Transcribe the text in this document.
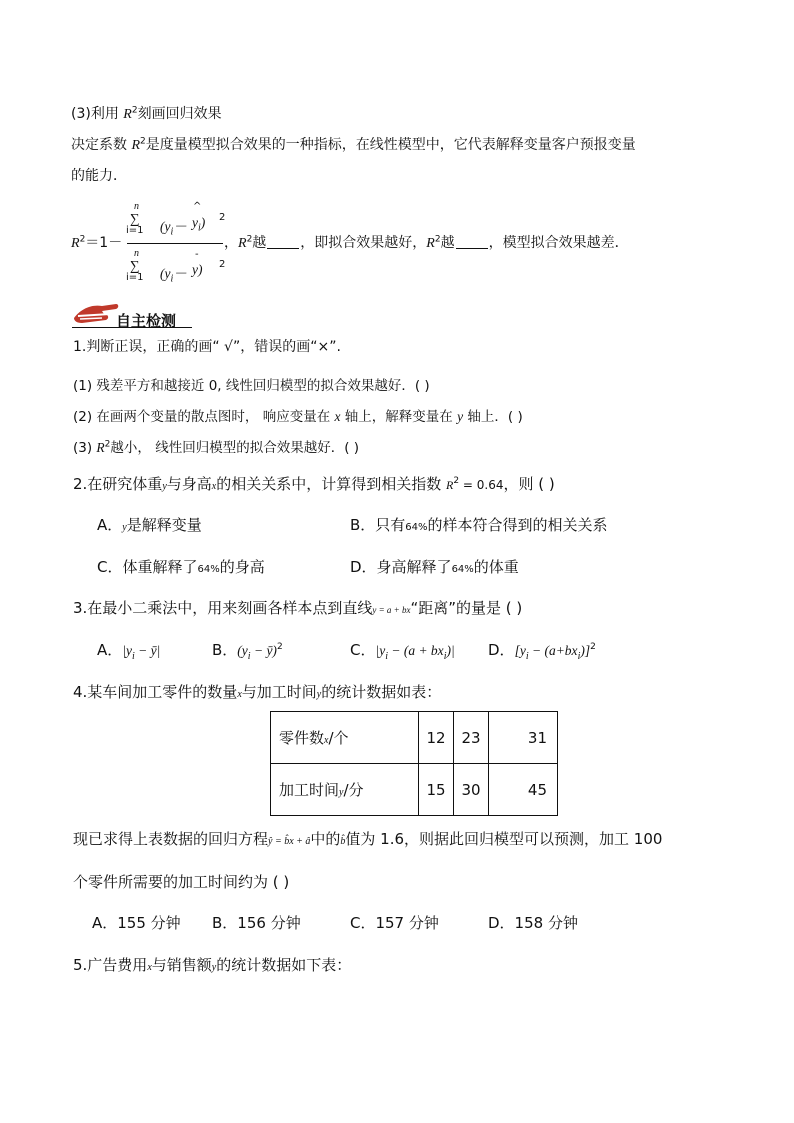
(3)利用 $R^2$刻画回归效果
决定系数 $R^2$是度量模型拟合效果的一种指标，在线性模型中，它代表解释变量客户预报变量
的能力．
$R^2=1-$
n
∑
i=1 ($y_i-$
^
$y_i$) 2
n
∑
i=1 ($y_i-$
-
y) 2
，$R^2$越 ，即拟合效果越好，$R^2$越 ，模型拟合效果越差．
自主检测
1.判断正误，正确的画“ √”，错误的画“×”.
(1) 残差平方和越接近 0, 线性回归模型的拟合效果越好．( )
(2) 在画两个变量的散点图时， 响应变量在 x 轴上，解释变量在 y 轴上．( )
(3) $R^2$越小， 线性回归模型的拟合效果越好．( )
2.在研究体重y与身高x的相关关系中，计算得到相关指数 $R^2 = 0.64$，则 ( )
A．y是解释变量	B．只有64%的样本符合得到的相关关系
C．体重解释了64%的身高	D．身高解释了64%的体重
3.在最小二乘法中，用来刻画各样本点到直线y = a + bx“距离”的量是 ( )
A．$|y_i$ − ȳ|	B．($y_i$ − ȳ)$^2$	C．$|y_i - (a + bx_i)|$ D．$[y_i - (a+bx_i)]^2$
4.某车间加工零件的数量x与加工时间y的统计数据如表：
零件数x/个	12	23	31
加工时间y/分	15	30	45
现已求得上表数据的回归方程ŷ = b̂x + â中的b̂值为 1.6，则据此回归模型可以预测，加工 100
个零件所需要的加工时间约为 ( )
A．155 分钟 B．156 分钟	C．157 分钟	D．158 分钟
5.广告费用x与销售额y的统计数据如下表：
